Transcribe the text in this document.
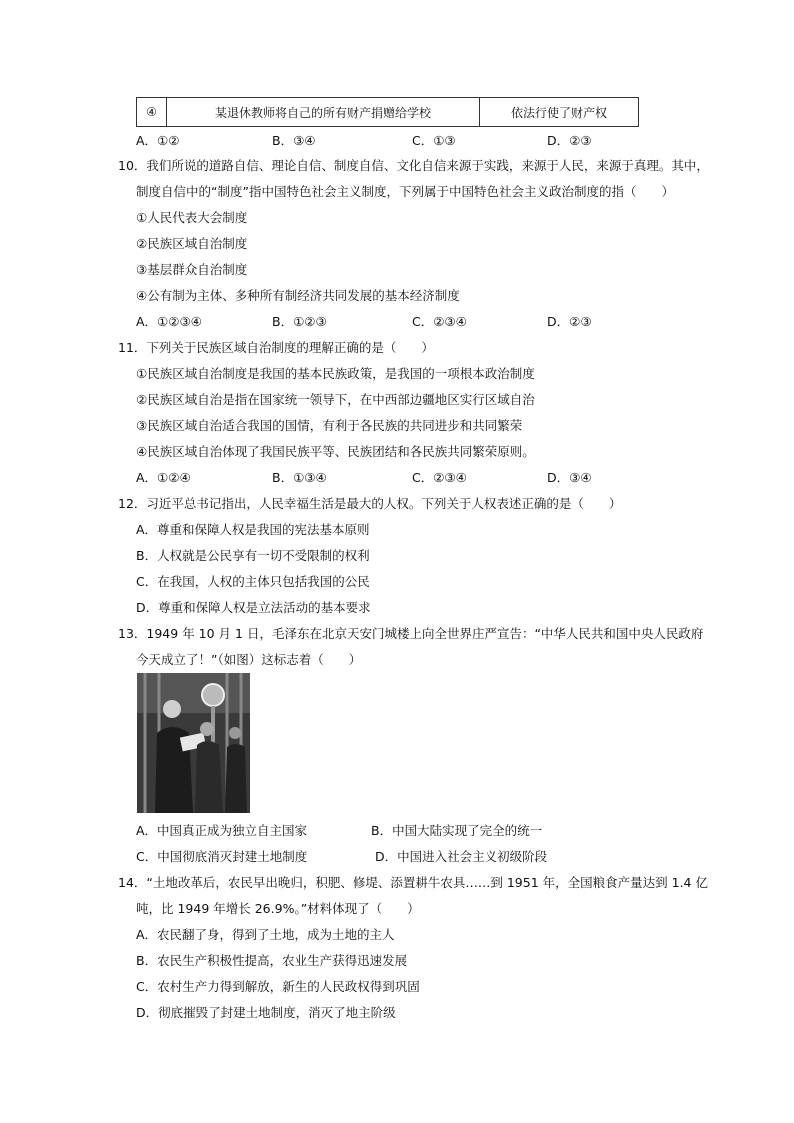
④	某退休教师将自己的所有财产捐赠给学校	依法行使了财产权
A．①②	B．③④	C．①③	D．②③
10．我们所说的道路自信、理论自信、制度自信、文化自信来源于实践，来源于人民，来源于真理。其中，
制度自信中的“制度”指中国特色社会主义制度，下列属于中国特色社会主义政治制度的指（　　）
①人民代表大会制度
②民族区域自治制度
③基层群众自治制度
④公有制为主体、多种所有制经济共同发展的基本经济制度
A．①②③④	B．①②③	C．②③④	D．②③
11．下列关于民族区域自治制度的理解正确的是（　　）
①民族区域自治制度是我国的基本民族政策，是我国的一项根本政治制度
②民族区域自治是指在国家统一领导下，在中西部边疆地区实行区域自治
③民族区域自治适合我国的国情，有利于各民族的共同进步和共同繁荣
④民族区域自治体现了我国民族平等、民族团结和各民族共同繁荣原则。
A．①②④	B．①③④	C．②③④	D．③④
12．习近平总书记指出，人民幸福生活是最大的人权。下列关于人权表述正确的是（　　）
A．尊重和保障人权是我国的宪法基本原则
B．人权就是公民享有一切不受限制的权利
C．在我国，人权的主体只包括我国的公民
D．尊重和保障人权是立法活动的基本要求
13．1949 年 10 月 1 日，毛泽东在北京天安门城楼上向全世界庄严宣告：“中华人民共和国中央人民政府
今天成立了！”（如图）这标志着（　　）
A．中国真正成为独立自主国家	B．中国大陆实现了完全的统一
C．中国彻底消灭封建土地制度	D．中国进入社会主义初级阶段
14．“土地改革后，农民早出晚归，积肥、修堤、添置耕牛农具……到 1951 年，全国粮食产量达到 1.4 亿
吨，比 1949 年增长 26.9%。”材料体现了（　　）
A．农民翻了身，得到了土地，成为土地的主人
B．农民生产积极性提高，农业生产获得迅速发展
C．农村生产力得到解放，新生的人民政权得到巩固
D．彻底摧毁了封建土地制度，消灭了地主阶级
